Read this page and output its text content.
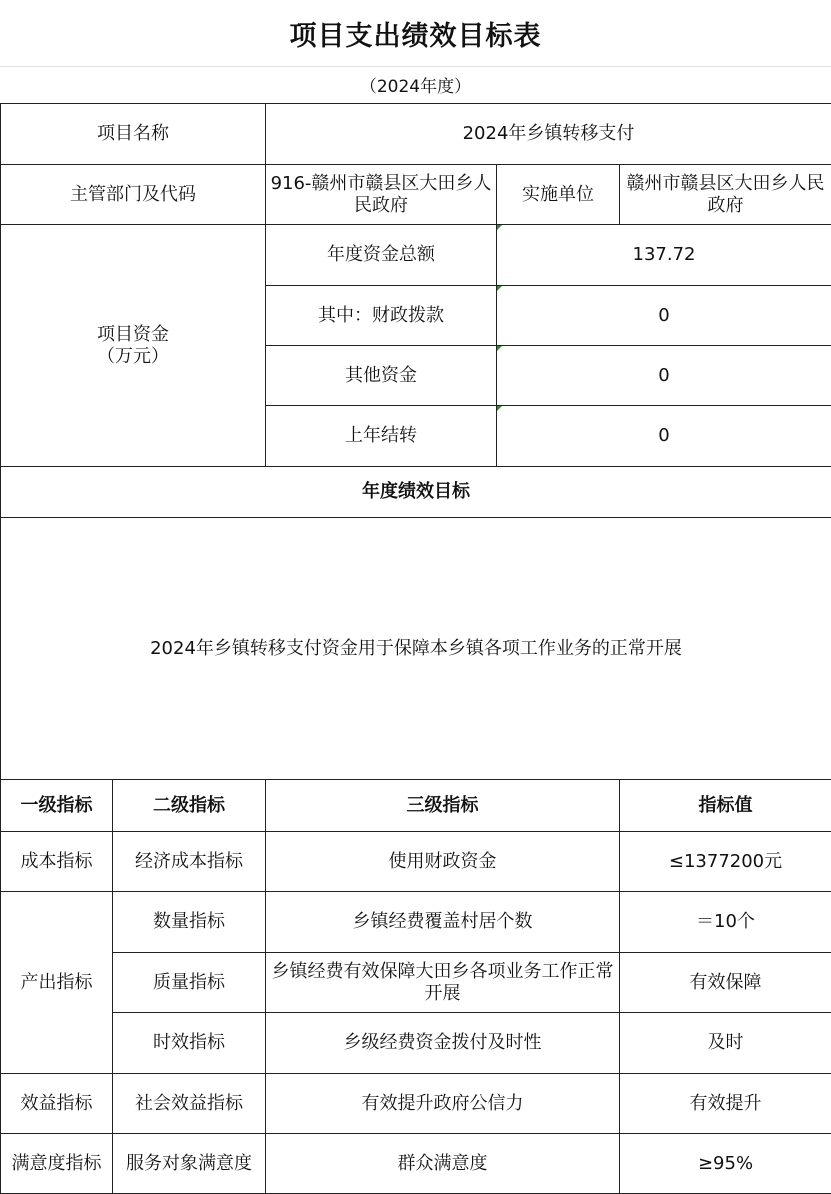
项目支出绩效目标表
（2024年度）
项目名称		2024年乡镇转移支付		
主管部门及代码		916-赣州市赣县区大田乡人民政府	实施单位	赣州市赣县区大田乡人民政府

项目资金
（万元）		年度资金总额	137.72	
		其中：财政拨款	0	
		其他资金	0	
		上年结转	0	
年度绩效目标				
2024年乡镇转移支付资金用于保障本乡镇各项工作业务的正常开展				
一级指标	二级指标	三级指标		指标值
成本指标	经济成本指标	使用财政资金		≤1377200元
产出指标	数量指标	乡镇经费覆盖村居个数		＝10个
	质量指标	乡镇经费有效保障大田乡各项业务工作正常开展		有效保障
	时效指标	乡级经费资金拨付及时性		及时
效益指标	社会效益指标	有效提升政府公信力		有效提升
满意度指标	服务对象满意度	群众满意度		≥95%
